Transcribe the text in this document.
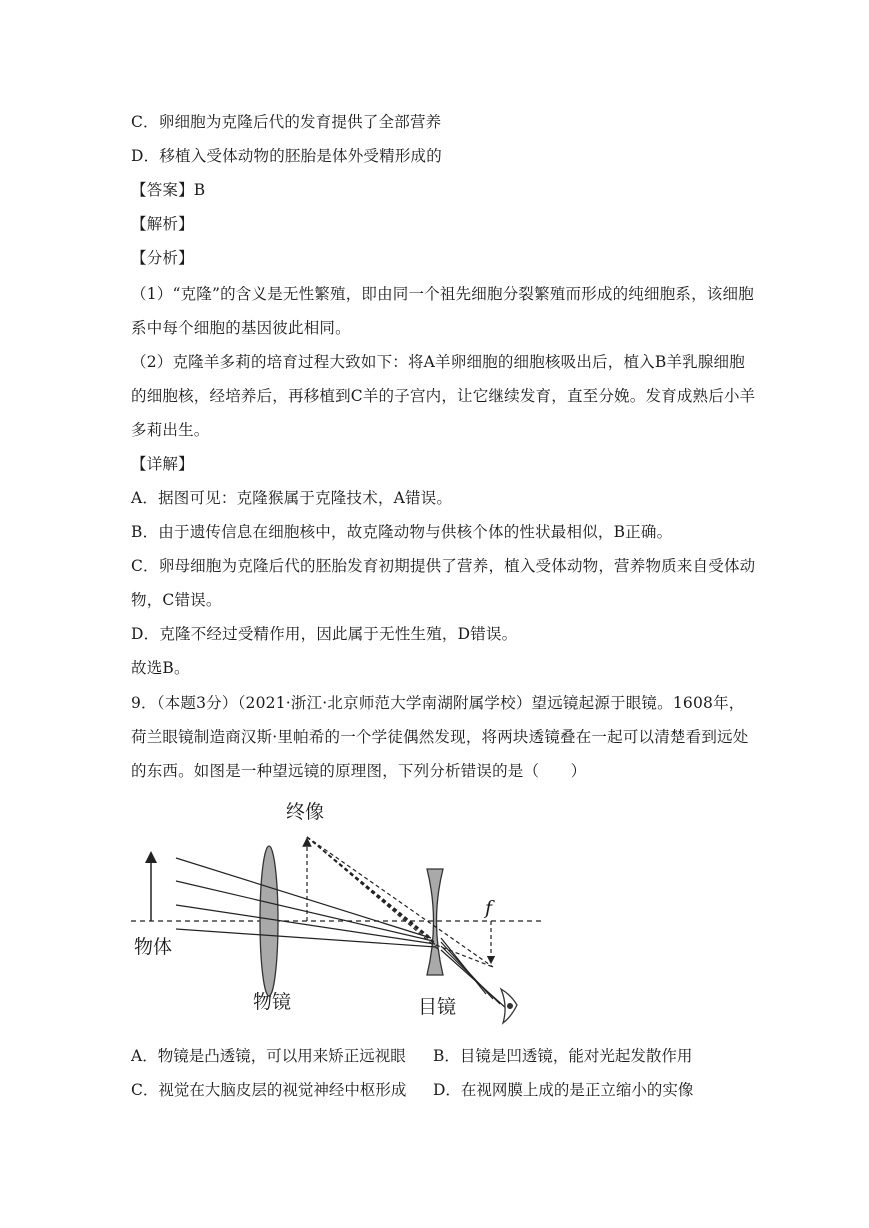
C．卵细胞为克隆后代的发育提供了全部营养
D．移植入受体动物的胚胎是体外受精形成的
【答案】B
【解析】
【分析】
（1）“克隆”的含义是无性繁殖，即由同一个祖先细胞分裂繁殖而形成的纯细胞系，该细胞
系中每个细胞的基因彼此相同。
（2）克隆羊多莉的培育过程大致如下：将A羊卵细胞的细胞核吸出后，植入B羊乳腺细胞
的细胞核，经培养后，再移植到C羊的子宫内，让它继续发育，直至分娩。发育成熟后小羊
多莉出生。
【详解】
A．据图可见：克隆猴属于克隆技术，A错误。
B．由于遗传信息在细胞核中，故克隆动物与供核个体的性状最相似，B正确。
C．卵母细胞为克隆后代的胚胎发育初期提供了营养，植入受体动物，营养物质来自受体动
物，C错误。
D．克隆不经过受精作用，因此属于无性生殖，D错误。
故选B。
9．（本题3分）（2021·浙江·北京师范大学南湖附属学校）望远镜起源于眼镜。1608年，
荷兰眼镜制造商汉斯·里帕希的一个学徒偶然发现，将两块透镜叠在一起可以清楚看到远处
的东西。如图是一种望远镜的原理图，下列分析错误的是（　　）
终像
物体
物镜	目镜
f
A．物镜是凸透镜，可以用来矫正远视眼 B．目镜是凹透镜，能对光起发散作用
C．视觉在大脑皮层的视觉神经中枢形成 D．在视网膜上成的是正立缩小的实像
